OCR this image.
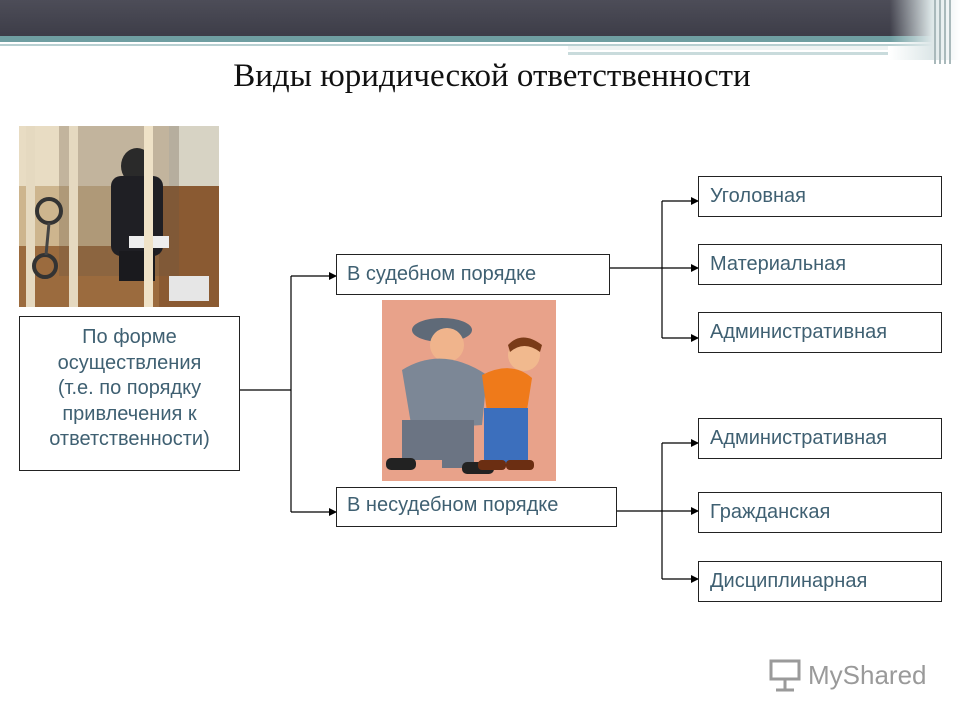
Виды юридической ответственности
По форме
осуществления
(т.е. по порядку
привлечения к
ответственности)
В судебном порядке
В несудебном порядке
Уголовная
Материальная
Административная
Административная
Гражданская
Дисциплинарная
MyShared
